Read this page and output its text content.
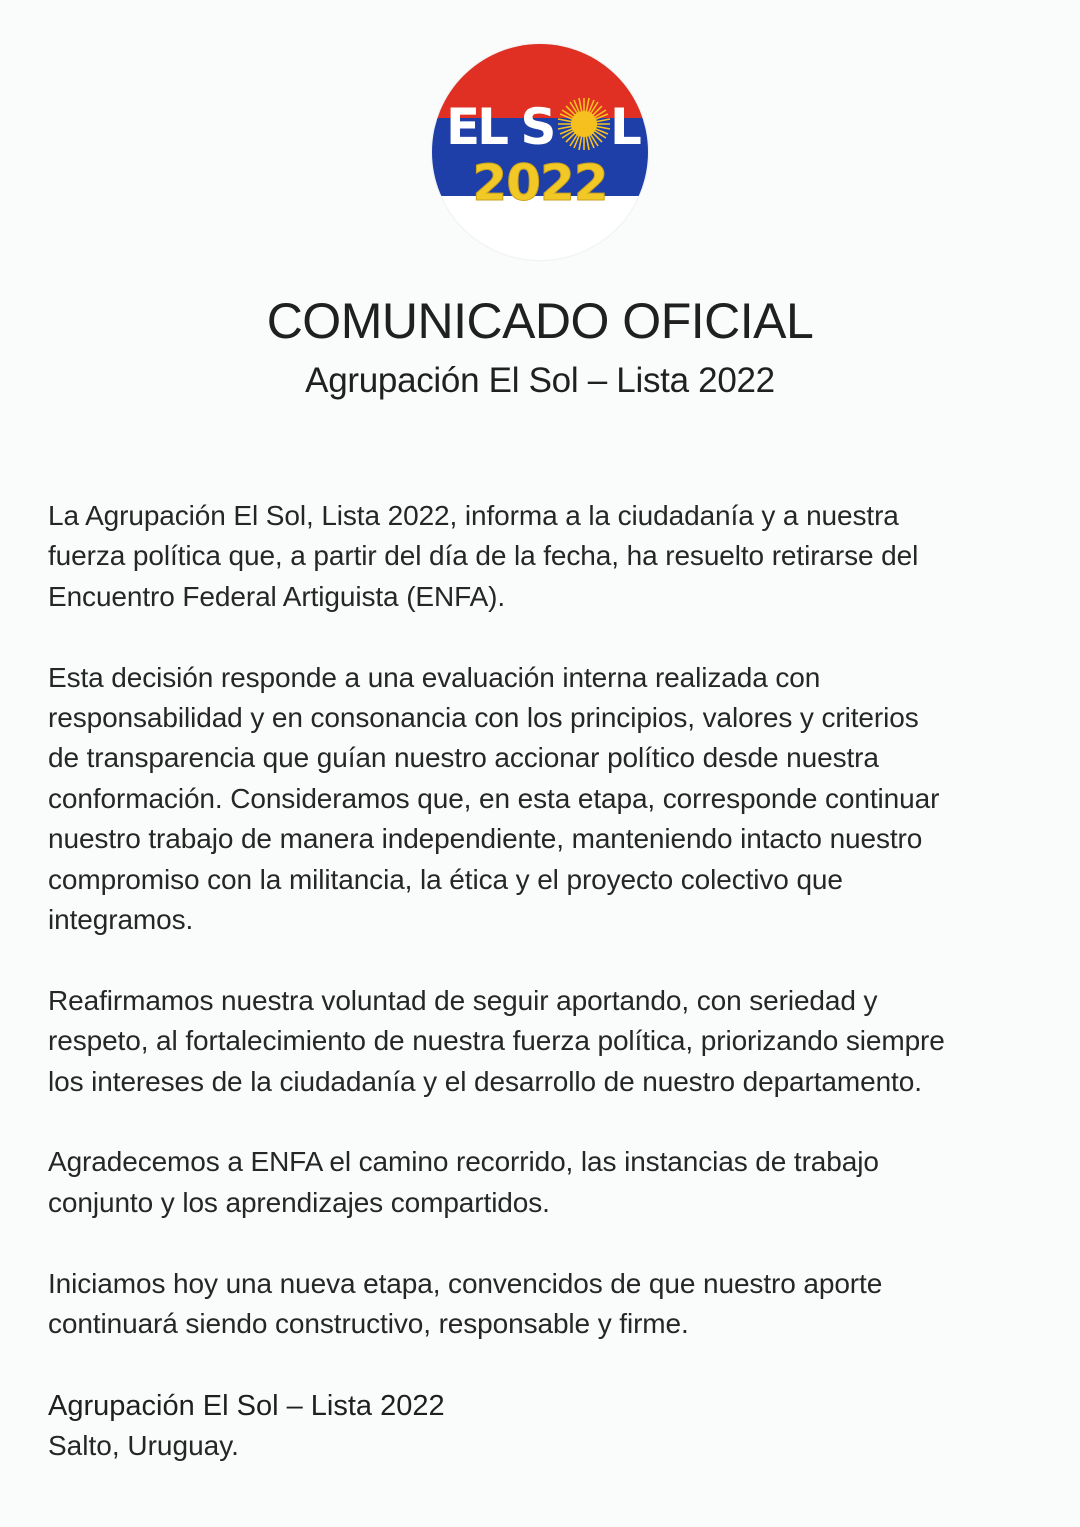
EL S L
2022
COMUNICADO OFICIAL
Agrupación El Sol – Lista 2022

La Agrupación El Sol, Lista 2022, informa a la ciudadanía y a nuestra
fuerza política que, a partir del día de la fecha, ha resuelto retirarse del
Encuentro Federal Artiguista (ENFA).

Esta decisión responde a una evaluación interna realizada con
responsabilidad y en consonancia con los principios, valores y criterios
de transparencia que guían nuestro accionar político desde nuestra
conformación. Consideramos que, en esta etapa, corresponde continuar
nuestro trabajo de manera independiente, manteniendo intacto nuestro
compromiso con la militancia, la ética y el proyecto colectivo que
integramos.

Reafirmamos nuestra voluntad de seguir aportando, con seriedad y
respeto, al fortalecimiento de nuestra fuerza política, priorizando siempre
los intereses de la ciudadanía y el desarrollo de nuestro departamento.

Agradecemos a ENFA el camino recorrido, las instancias de trabajo
conjunto y los aprendizajes compartidos.

Iniciamos hoy una nueva etapa, convencidos de que nuestro aporte
continuará siendo constructivo, responsable y firme.

Agrupación El Sol – Lista 2022
Salto, Uruguay.
